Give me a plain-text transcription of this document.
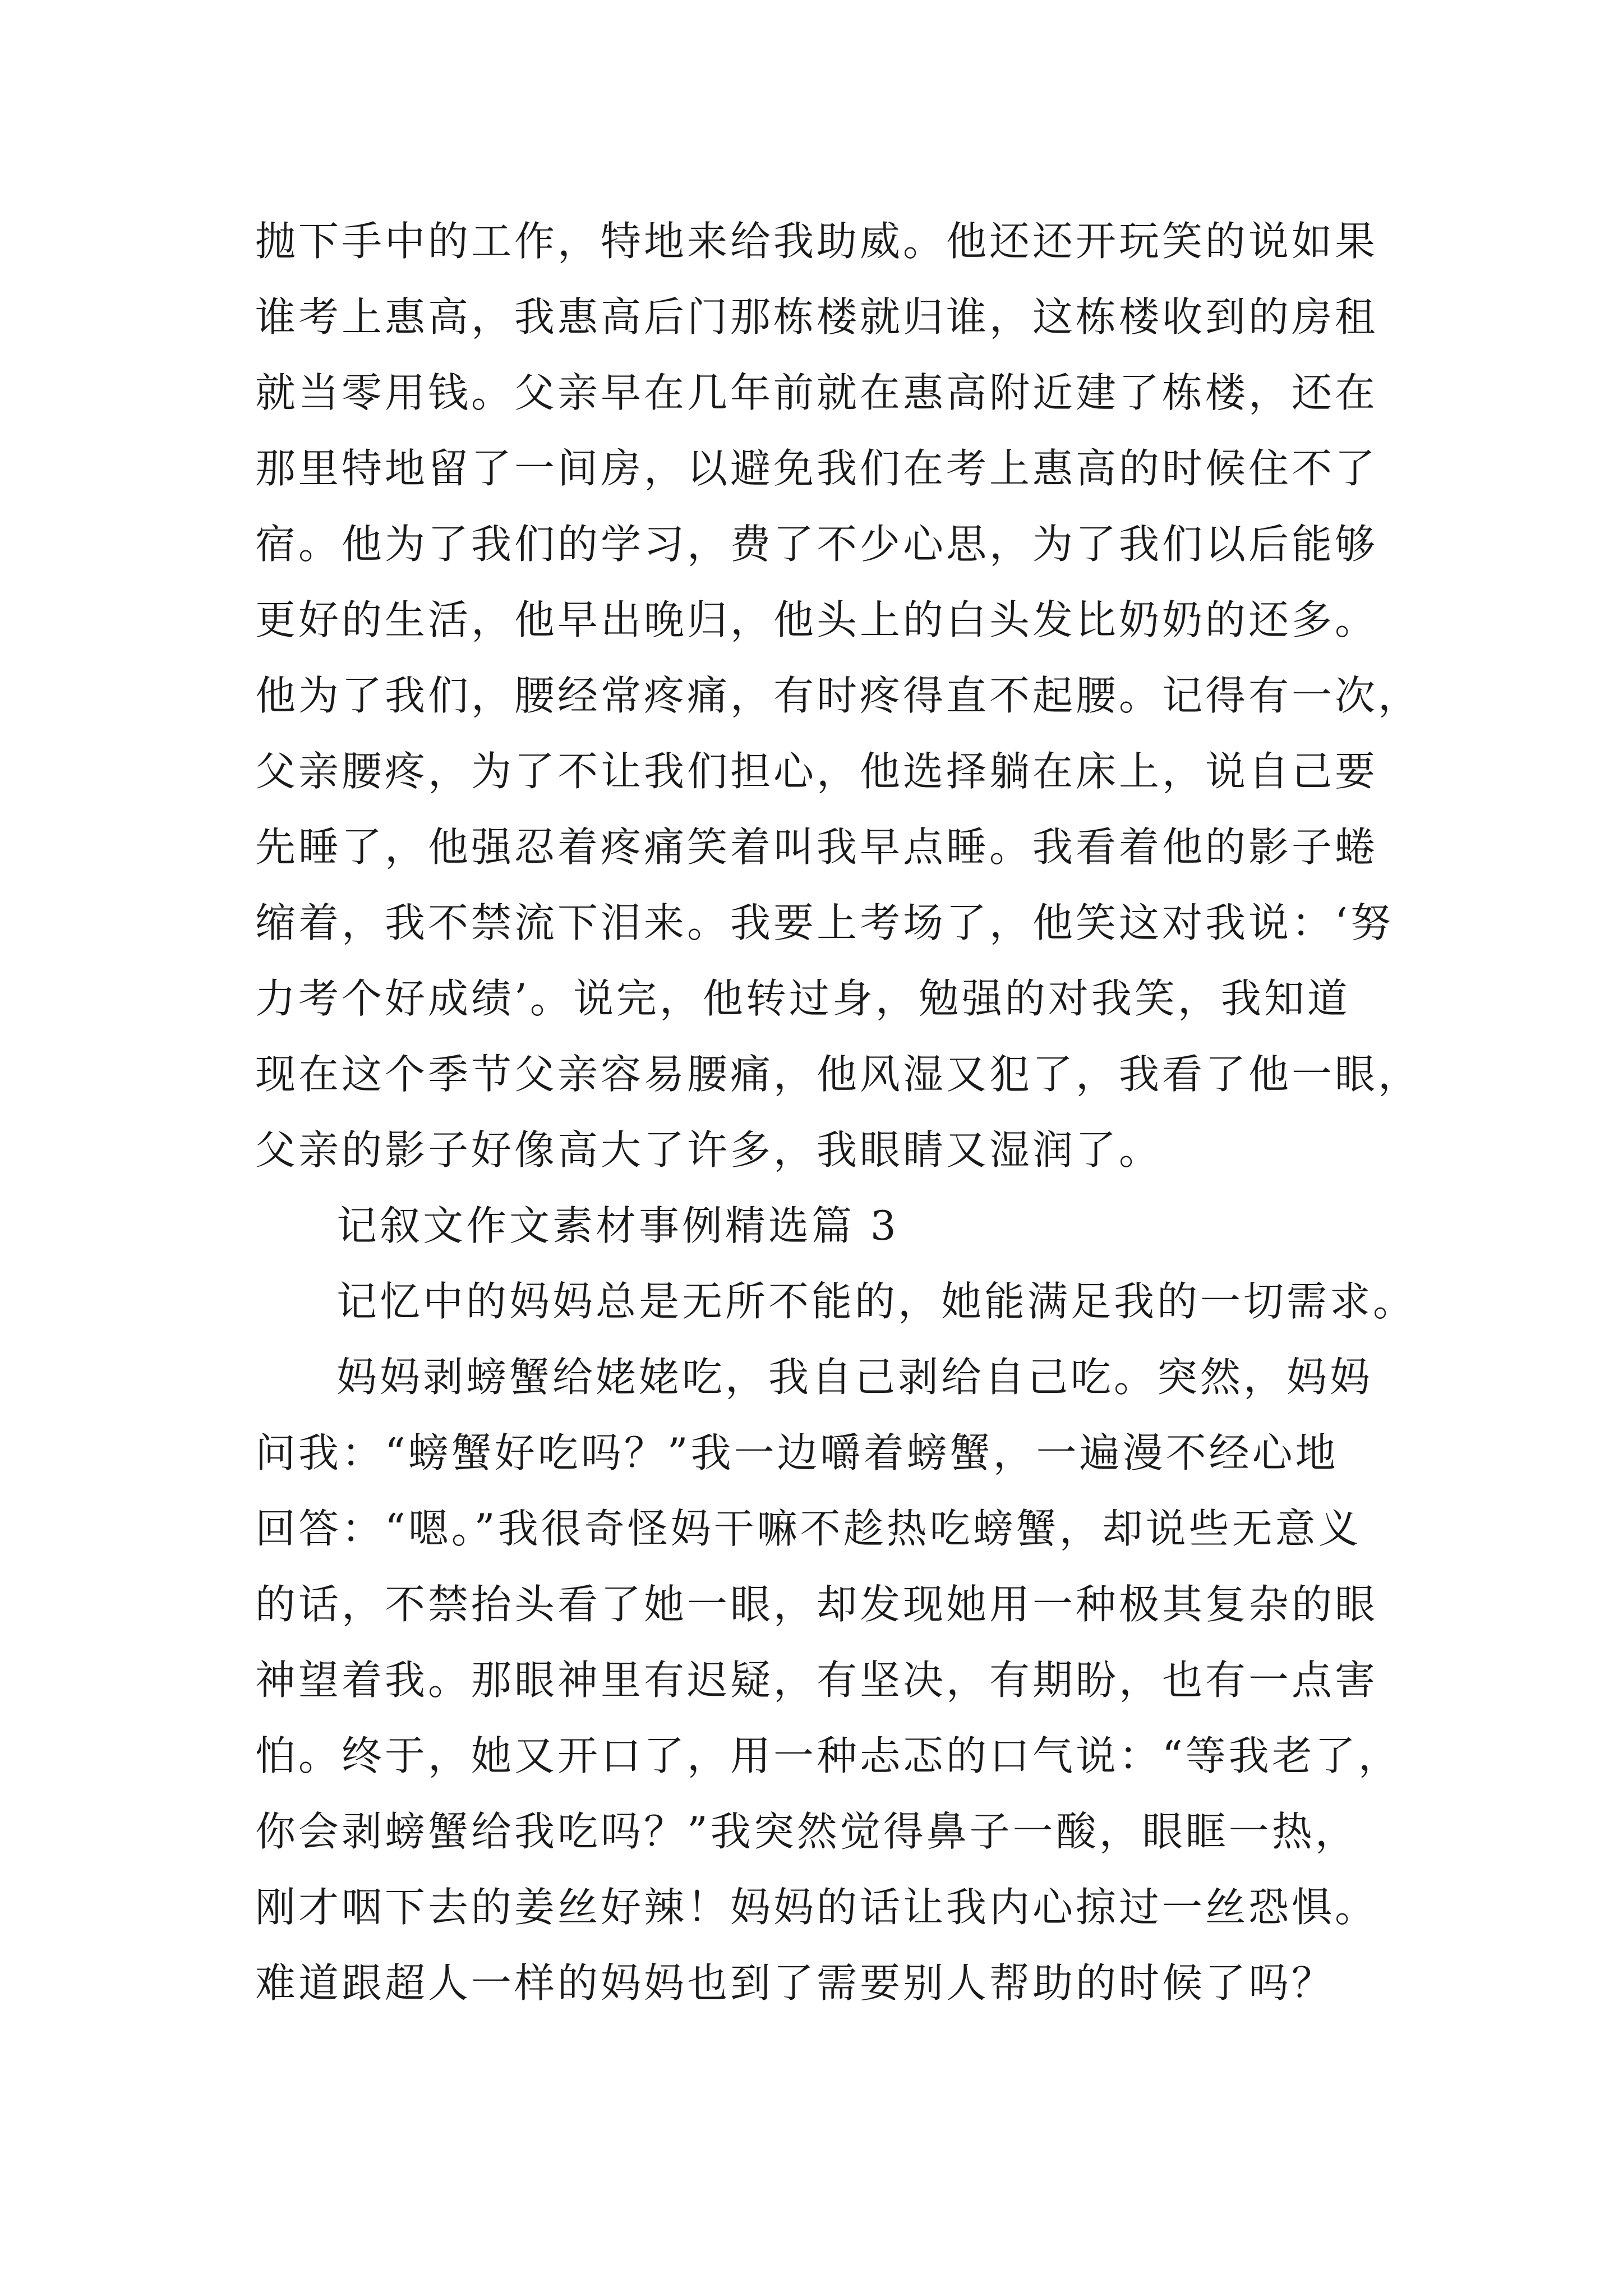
抛下手中的工作，特地来给我助威。他还还开玩笑的说如果
谁考上惠高，我惠高后门那栋楼就归谁，这栋楼收到的房租
就当零用钱。父亲早在几年前就在惠高附近建了栋楼，还在
那里特地留了一间房，以避免我们在考上惠高的时候住不了
宿。他为了我们的学习，费了不少心思，为了我们以后能够
更好的生活，他早出晚归，他头上的白头发比奶奶的还多。
他为了我们，腰经常疼痛，有时疼得直不起腰。记得有一次，
父亲腰疼，为了不让我们担心，他选择躺在床上，说自己要
先睡了，他强忍着疼痛笑着叫我早点睡。我看着他的影子蜷
缩着，我不禁流下泪来。我要上考场了，他笑这对我说：‘努
力考个好成绩’。说完，他转过身，勉强的对我笑，我知道
现在这个季节父亲容易腰痛，他风湿又犯了，我看了他一眼，
父亲的影子好像高大了许多，我眼睛又湿润了。
记叙文作文素材事例精选篇 3
记忆中的妈妈总是无所不能的，她能满足我的一切需求。
妈妈剥螃蟹给姥姥吃，我自己剥给自己吃。突然，妈妈
问我：“螃蟹好吃吗？”我一边嚼着螃蟹，一遍漫不经心地
回答：“嗯。”我很奇怪妈干嘛不趁热吃螃蟹，却说些无意义
的话，不禁抬头看了她一眼，却发现她用一种极其复杂的眼
神望着我。那眼神里有迟疑，有坚决，有期盼，也有一点害
怕。终于，她又开口了，用一种忐忑的口气说：“等我老了，
你会剥螃蟹给我吃吗？”我突然觉得鼻子一酸，眼眶一热，
刚才咽下去的姜丝好辣！妈妈的话让我内心掠过一丝恐惧。
难道跟超人一样的妈妈也到了需要别人帮助的时候了吗？
